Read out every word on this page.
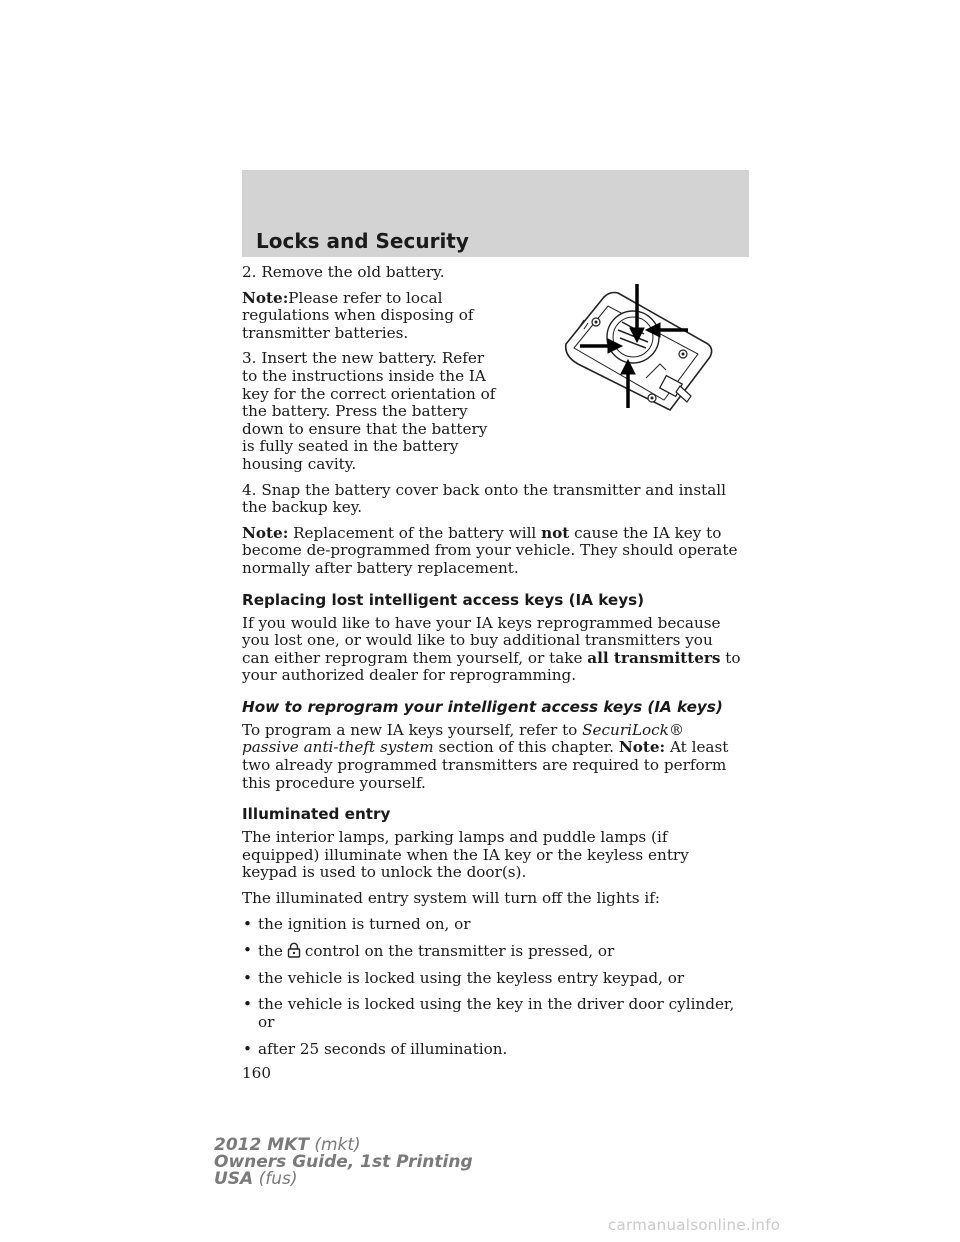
Locks and Security

2. Remove the old battery.

Note:Please refer to local regulations when disposing of transmitter batteries.

3. Insert the new battery. Refer to the instructions inside the IA key for the correct orientation of the battery. Press the battery down to ensure that the battery is fully seated in the battery housing cavity.

4. Snap the battery cover back onto the transmitter and install the backup key.

Note: Replacement of the battery will not cause the IA key to become de-programmed from your vehicle. They should operate normally after battery replacement.

Replacing lost intelligent access keys (IA keys)

If you would like to have your IA keys reprogrammed because you lost one, or would like to buy additional transmitters you can either reprogram them yourself, or take all transmitters to your authorized dealer for reprogramming.

How to reprogram your intelligent access keys (IA keys)

To program a new IA keys yourself, refer to SecuriLock® passive anti-theft system section of this chapter. Note: At least two already programmed transmitters are required to perform this procedure yourself.

Illuminated entry

The interior lamps, parking lamps and puddle lamps (if equipped) illuminate when the IA key or the keyless entry keypad is used to unlock the door(s).

The illuminated entry system will turn off the lights if:

• the ignition is turned on, or
• the control on the transmitter is pressed, or
• the vehicle is locked using the keyless entry keypad, or
• the vehicle is locked using the key in the driver door cylinder, or
• after 25 seconds of illumination.

160

2012 MKT (mkt)
Owners Guide, 1st Printing
USA (fus)
carmanualsonline.info
